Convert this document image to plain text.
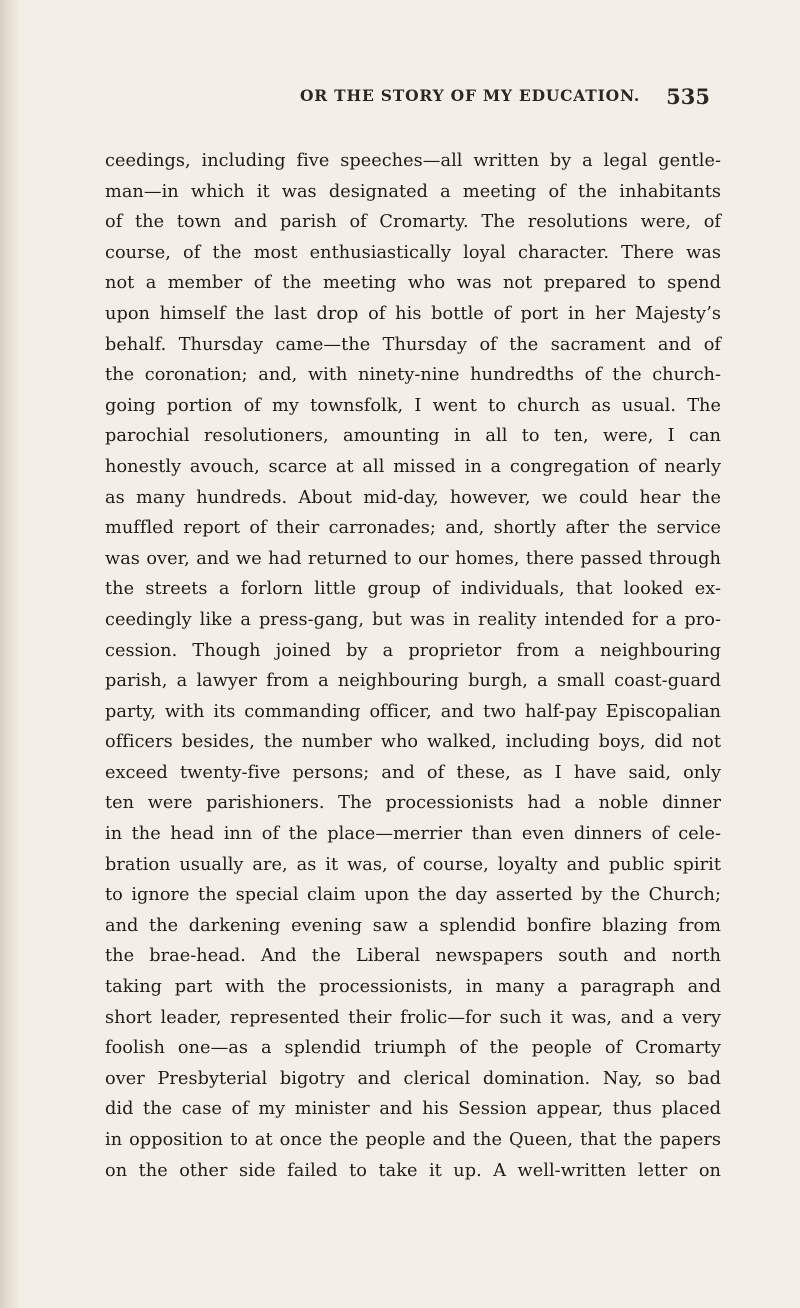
OR THE STORY OF MY EDUCATION. 535
ceedings, including five speeches—all written by a legal gentle-
man—in which it was designated a meeting of the inhabitants
of the town and parish of Cromarty. The resolutions were, of
course, of the most enthusiastically loyal character. There was
not a member of the meeting who was not prepared to spend
upon himself the last drop of his bottle of port in her Majesty’s
behalf. Thursday came—the Thursday of the sacrament and of
the coronation; and, with ninety-nine hundredths of the church-
going portion of my townsfolk, I went to church as usual. The
parochial resolutioners, amounting in all to ten, were, I can
honestly avouch, scarce at all missed in a congregation of nearly
as many hundreds. About mid-day, however, we could hear the
muffled report of their carronades; and, shortly after the service
was over, and we had returned to our homes, there passed through
the streets a forlorn little group of individuals, that looked ex-
ceedingly like a press-gang, but was in reality intended for a pro-
cession. Though joined by a proprietor from a neighbouring
parish, a lawyer from a neighbouring burgh, a small coast-guard
party, with its commanding officer, and two half-pay Episcopalian
officers besides, the number who walked, including boys, did not
exceed twenty-five persons; and of these, as I have said, only
ten were parishioners. The processionists had a noble dinner
in the head inn of the place—merrier than even dinners of cele-
bration usually are, as it was, of course, loyalty and public spirit
to ignore the special claim upon the day asserted by the Church;
and the darkening evening saw a splendid bonfire blazing from
the brae-head. And the Liberal newspapers south and north
taking part with the processionists, in many a paragraph and
short leader, represented their frolic—for such it was, and a very
foolish one—as a splendid triumph of the people of Cromarty
over Presbyterial bigotry and clerical domination. Nay, so bad
did the case of my minister and his Session appear, thus placed
in opposition to at once the people and the Queen, that the papers
on the other side failed to take it up. A well-written letter on
